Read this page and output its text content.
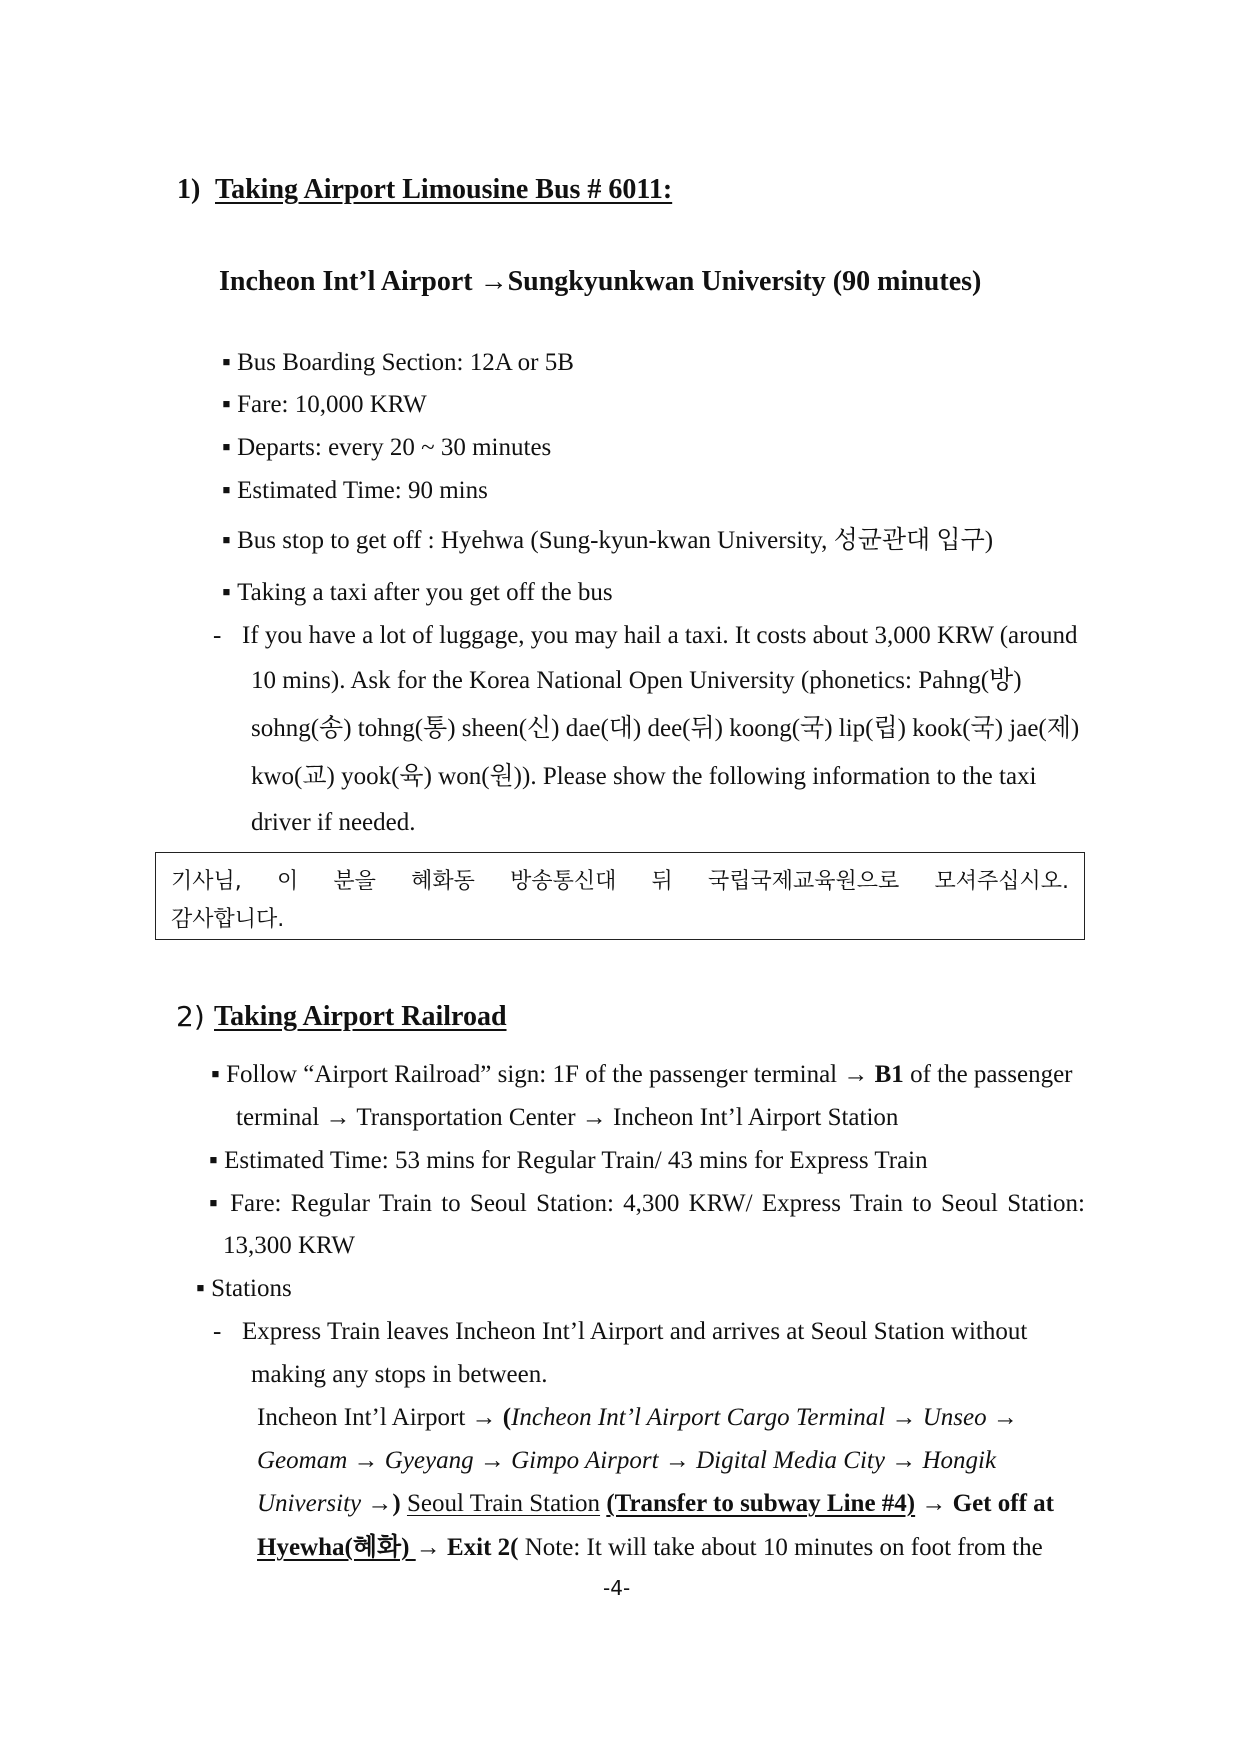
1) Taking Airport Limousine Bus # 6011:
Incheon Int’l Airport →Sungkyunkwan University (90 minutes)
▪ Bus Boarding Section: 12A or 5B
▪ Fare: 10,000 KRW
▪ Departs: every 20 ~ 30 minutes
▪ Estimated Time: 90 mins
▪ Bus stop to get off : Hyehwa (Sung-kyun-kwan University, 성균관대 입구)
▪ Taking a taxi after you get off the bus
- If you have a lot of luggage, you may hail a taxi. It costs about 3,000 KRW (around
10 mins). Ask for the Korea National Open University (phonetics: Pahng(방)
sohng(송) tohng(통) sheen(신) dae(대) dee(뒤) koong(국) lip(립) kook(국) jae(제)
kwo(교) yook(육) won(원)). Please show the following information to the taxi
driver if needed.
기사님, 이 분을 혜화동 방송통신대 뒤 국립국제교육원으로 모셔주십시오.
감사합니다.
2) Taking Airport Railroad
▪ Follow “Airport Railroad” sign: 1F of the passenger terminal → B1 of the passenger
terminal → Transportation Center → Incheon Int’l Airport Station
▪ Estimated Time: 53 mins for Regular Train/ 43 mins for Express Train
▪ Fare: Regular Train to Seoul Station: 4,300 KRW/ Express Train to Seoul Station:
13,300 KRW
▪ Stations
- Express Train leaves Incheon Int’l Airport and arrives at Seoul Station without
making any stops in between.
Incheon Int’l Airport → (Incheon Int’l Airport Cargo Terminal → Unseo →
Geomam → Gyeyang → Gimpo Airport → Digital Media City → Hongik
University →) Seoul Train Station (Transfer to subway Line #4) → Get off at
Hyewha(혜화) → Exit 2( Note: It will take about 10 minutes on foot from the
-4-
